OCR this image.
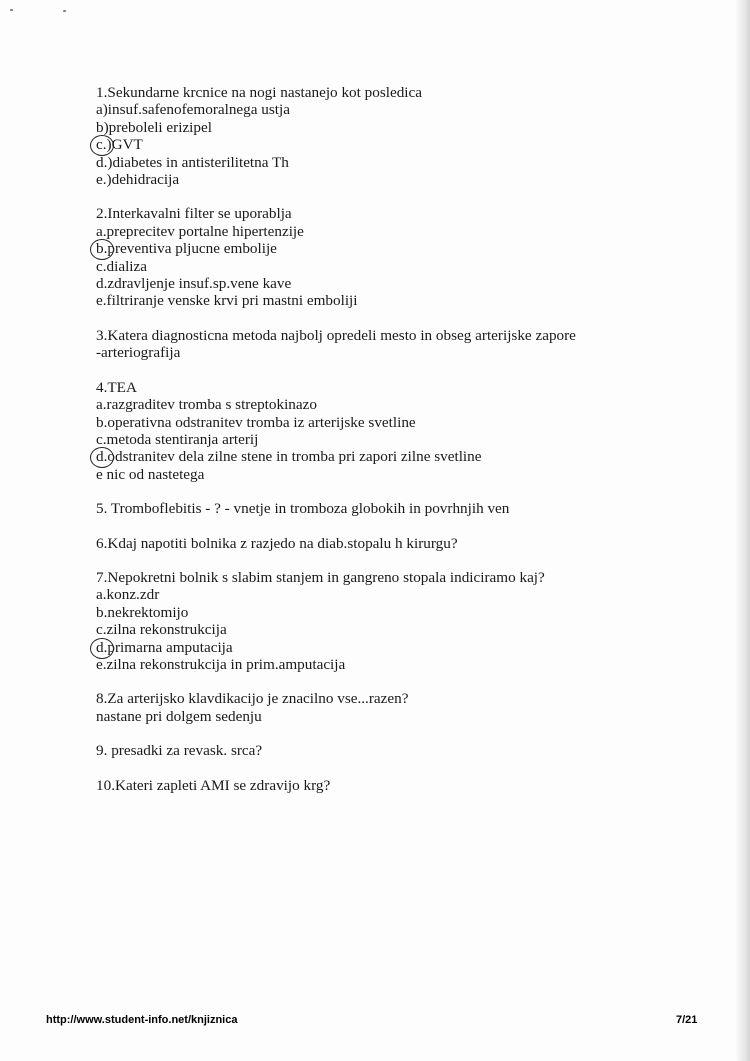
1.Sekundarne krcnice na nogi nastanejo kot posledica
a)insuf.safenofemoralnega ustja
b)preboleli erizipel
c.)GVT
d.)diabetes in antisterilitetna Th
e.)dehidracija
2.Interkavalni filter se uporablja
a.preprecitev portalne hipertenzije
b.preventiva pljucne embolije
c.dializa
d.zdravljenje insuf.sp.vene kave
e.filtriranje venske krvi pri mastni emboliji
3.Katera diagnosticna metoda najbolj opredeli mesto in obseg arterijske zapore
-arteriografija
4.TEA
a.razgraditev tromba s streptokinazo
b.operativna odstranitev tromba iz arterijske svetline
c.metoda stentiranja arterij
d.odstranitev dela zilne stene in tromba pri zapori zilne svetline
e nic od nastetega
5. Tromboflebitis - ? - vnetje in tromboza globokih in povrhnjih ven
6.Kdaj napotiti bolnika z razjedo na diab.stopalu h kirurgu?
7.Nepokretni bolnik s slabim stanjem in gangreno stopala indiciramo kaj?
a.konz.zdr
b.nekrektomijo
c.zilna rekonstrukcija
d.primarna amputacija
e.zilna rekonstrukcija in prim.amputacija
8.Za arterijsko klavdikacijo je znacilno vse...razen?
nastane pri dolgem sedenju
9. presadki za revask. srca?
10.Kateri zapleti AMI se zdravijo krg?
http://www.student-info.net/knjiznica	7/21
